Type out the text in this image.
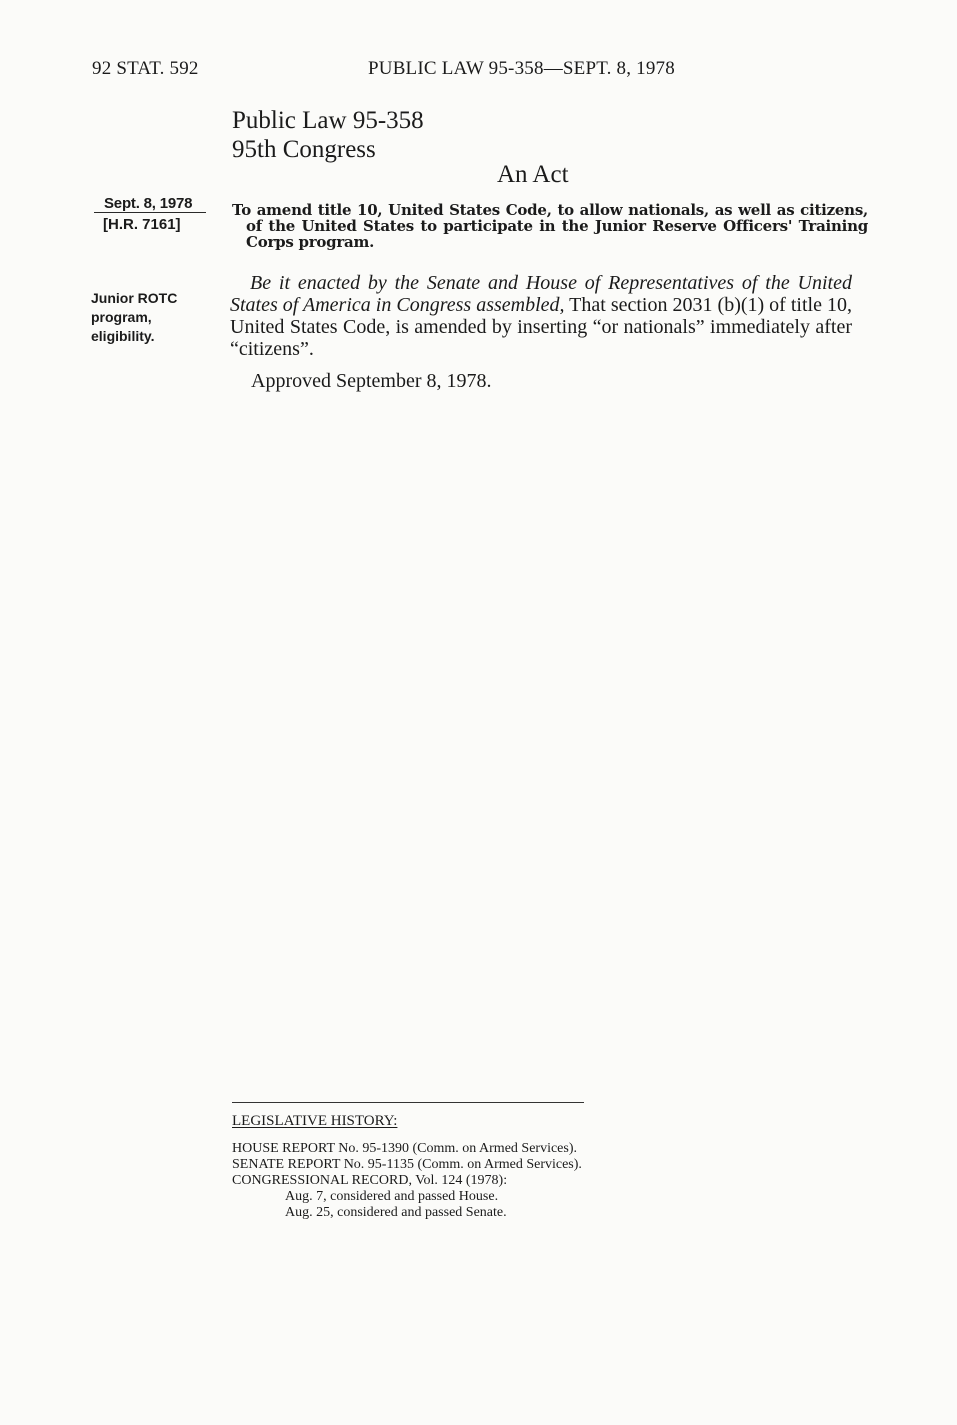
92 STAT. 592	PUBLIC LAW 95-358—SEPT. 8, 1978
Public Law 95-358
95th Congress
An Act
Sept. 8, 1978
[H.R. 7161]
Junior ROTC
program,
eligibility.
To amend title 10, United States Code, to allow nationals, as well as citizens, of the United States to participate in the Junior Reserve Officers' Training Corps program.
Be it enacted by the Senate and House of Representatives of the United States of America in Congress assembled, That section 2031 (b)(1) of title 10, United States Code, is amended by inserting “or nationals” immediately after “citizens”.
Approved September 8, 1978.
LEGISLATIVE HISTORY:
HOUSE REPORT No. 95-1390 (Comm. on Armed Services).
SENATE REPORT No. 95-1135 (Comm. on Armed Services).
CONGRESSIONAL RECORD, Vol. 124 (1978):
Aug. 7, considered and passed House.
Aug. 25, considered and passed Senate.
